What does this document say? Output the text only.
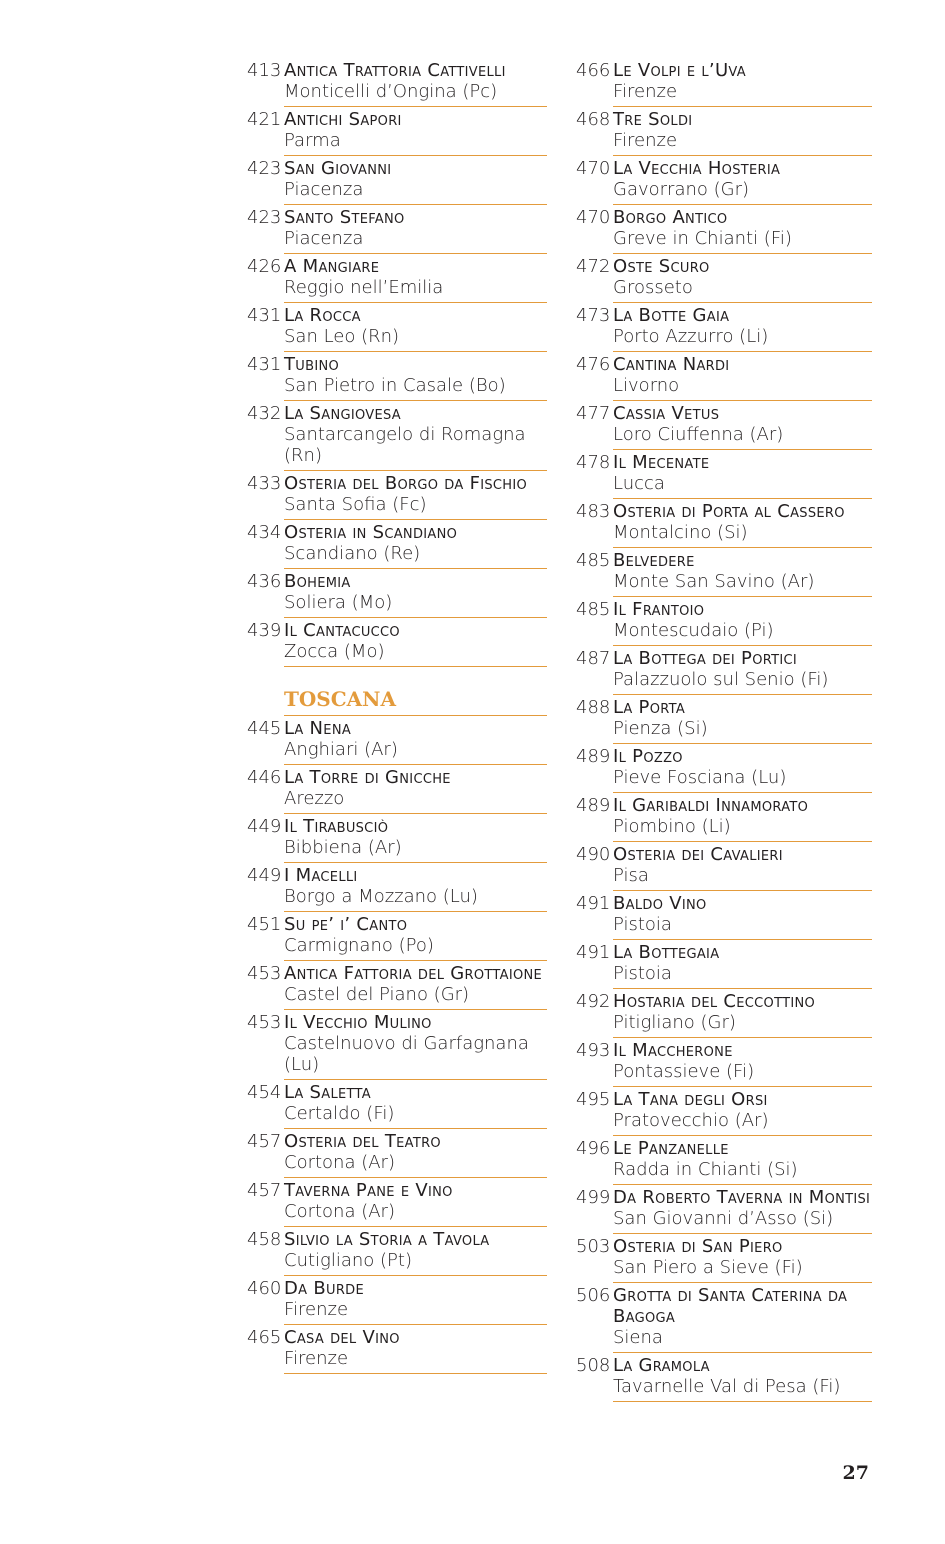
413 Antica Trattoria Cattivelli
Monticelli d’Ongina (Pc)
421 Antichi Sapori
Parma
423 San Giovanni
Piacenza
423 Santo Stefano
Piacenza
426 A Mangiare
Reggio nell’Emilia
431 La Rocca
San Leo (Rn)
431 Tubino
San Pietro in Casale (Bo)
432 La Sangiovesa
Santarcangelo di Romagna (Rn)
433 Osteria del Borgo da Fischio
Santa Sofia (Fc)
434 Osteria in Scandiano
Scandiano (Re)
436 Bohemia
Soliera (Mo)
439 Il Cantacucco
Zocca (Mo)
TOSCANA
445 La Nena
Anghiari (Ar)
446 La Torre di Gnicche
Arezzo
449 Il Tirabusciò
Bibbiena (Ar)
449 I Macelli
Borgo a Mozzano (Lu)
451 Su pe’ i’ Canto
Carmignano (Po)
453 Antica Fattoria del Grottaione
Castel del Piano (Gr)
453 Il Vecchio Mulino
Castelnuovo di Garfagnana (Lu)
454 La Saletta
Certaldo (Fi)
457 Osteria del Teatro
Cortona (Ar)
457 Taverna Pane e Vino
Cortona (Ar)
458 Silvio la Storia a Tavola
Cutigliano (Pt)
460 Da Burde
Firenze
465 Casa del Vino
Firenze
466 Le Volpi e l’Uva
Firenze
468 Tre Soldi
Firenze
470 La Vecchia Hosteria
Gavorrano (Gr)
470 Borgo Antico
Greve in Chianti (Fi)
472 Oste Scuro
Grosseto
473 La Botte Gaia
Porto Azzurro (Li)
476 Cantina Nardi
Livorno
477 Cassia Vetus
Loro Ciuffenna (Ar)
478 Il Mecenate
Lucca
483 Osteria di Porta al Cassero
Montalcino (Si)
485 Belvedere
Monte San Savino (Ar)
485 Il Frantoio
Montescudaio (Pi)
487 La Bottega dei Portici
Palazzuolo sul Senio (Fi)
488 La Porta
Pienza (Si)
489 Il Pozzo
Pieve Fosciana (Lu)
489 Il Garibaldi Innamorato
Piombino (Li)
490 Osteria dei Cavalieri
Pisa
491 Baldo Vino
Pistoia
491 La Bottegaia
Pistoia
492 Hostaria del Ceccottino
Pitigliano (Gr)
493 Il Maccherone
Pontassieve (Fi)
495 La Tana degli Orsi
Pratovecchio (Ar)
496 Le Panzanelle
Radda in Chianti (Si)
499 Da Roberto Taverna in Montisi
San Giovanni d’Asso (Si)
503 Osteria di San Piero
San Piero a Sieve (Fi)
506 Grotta di Santa Caterina da Bagoga
Siena
508 La Gramola
Tavarnelle Val di Pesa (Fi)
27
